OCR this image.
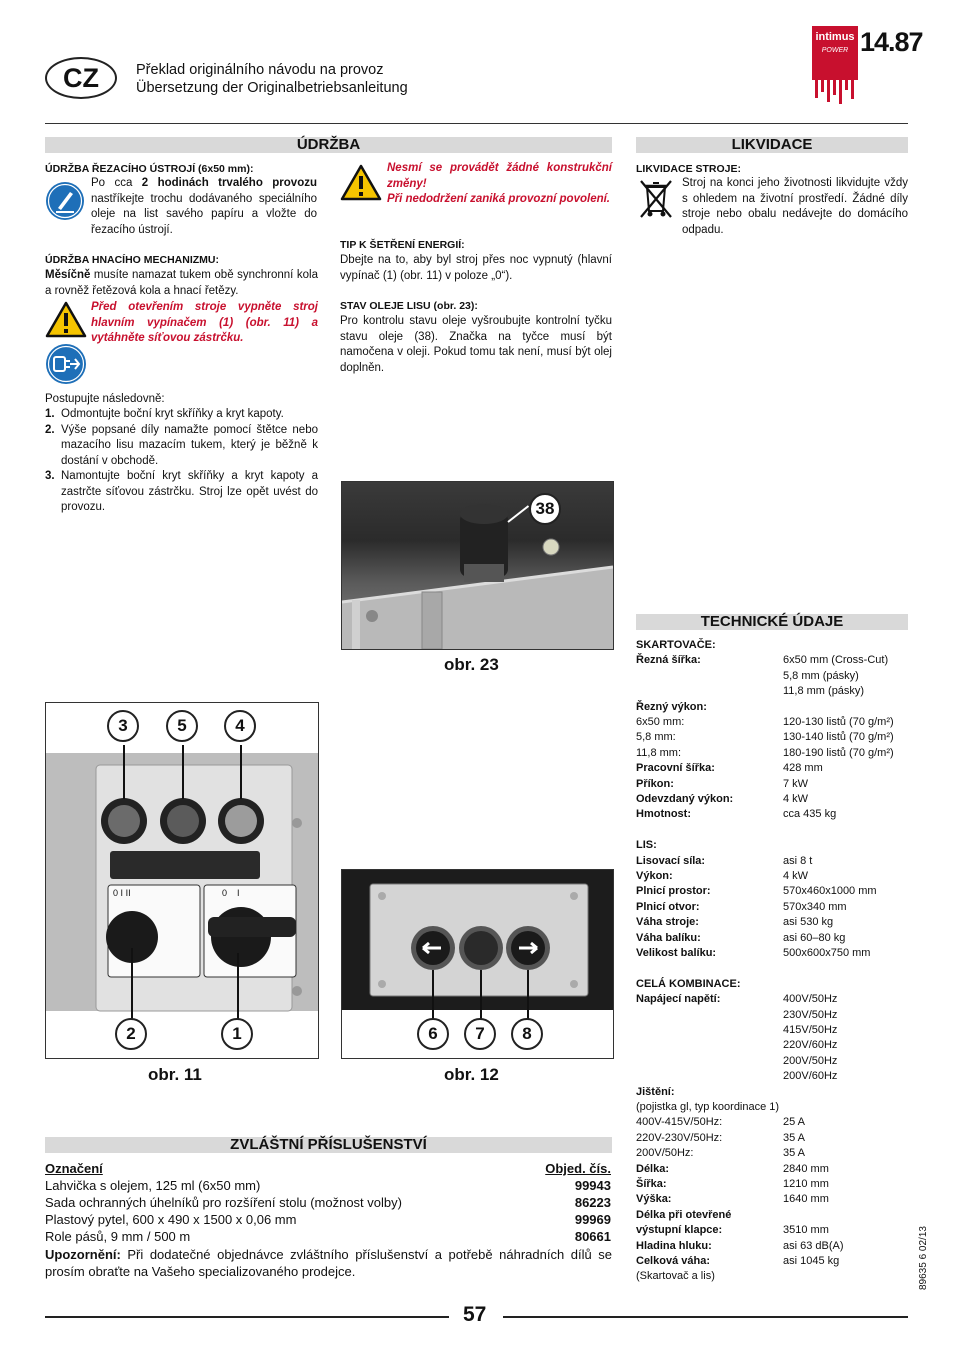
CZ	Překlad originálního návodu na provoz
Übersetzung der Originalbetriebsanleitung
intimus
POWER 14.87
ÚDRŽBA
ÚDRŽBA ŘEZACÍHO ÚSTROJÍ (6x50 mm):
Po cca 2 hodinách trvalého provozu nastříkejte trochu dodávaného speciálního oleje na list savého papíru a vložte do řezacího ústrojí.
ÚDRŽBA HNACÍHO MECHANIZMU:
Měsíčně musíte namazat tukem obě synchronní kola a rovněž řetězová kola a hnací řetězy.
Před otevřením stroje vypněte stroj hlavním vypínačem (1) (obr. 11) a vytáhněte síťovou zástrčku.
Postupujte následovně:
1. Odmontujte boční kryt skříňky a kryt kapoty.
2. Výše popsané díly namažte pomocí štětce nebo mazacího lisu mazacím tukem, který je běžně k dostání v obchodě.
3. Namontujte boční kryt skříňky a kryt kapoty a zastrčte síťovou zástrčku. Stroj lze opět uvést do provozu.
Nesmí se provádět žádné konstrukční změny!
Při nedodržení zaniká provozní povolení.
TIP K ŠETŘENÍ ENERGIÍ:
Dbejte na to, aby byl stroj přes noc vypnutý (hlavní vypínač (1) (obr. 11) v poloze „0“).
STAV OLEJE LISU (obr. 23):
Pro kontrolu stavu oleje vyšroubujte kontrolní tyčku stavu oleje (38). Značka na tyčce musí být namočena v oleji. Pokud tomu tak není, musí být olej doplněn.
LIKVIDACE
LIKVIDACE STROJE:
Stroj na konci jeho životnosti likvidujte vždy s ohledem na životní prostředí. Žádné díly stroje nebo obalu nedávejte do domácího odpadu.
38
obr. 23
0 I II	0 I
3	5	4
2	1
obr. 11
6	7	8
obr. 12
TECHNICKÉ ÚDAJE
SKARTOVAČE:
Řezná šířka:	6x50 mm (Cross-Cut)
5,8 mm (pásky)
11,8 mm (pásky)
Řezný výkon:
6x50 mm:	120-130 listů (70 g/m²)
5,8 mm:	130-140 listů (70 g/m²)
11,8 mm:	180-190 listů (70 g/m²)
Pracovní šířka:	428 mm
Příkon:	7 kW
Odevzdaný výkon:	4 kW
Hmotnost:	cca 435 kg
LIS:
Lisovací síla:	asi 8 t
Výkon:	4 kW
Plnicí prostor:	570x460x1000 mm
Plnicí otvor:	570x340 mm
Váha stroje:	asi 530 kg
Váha balíku:	asi 60–80 kg
Velikost balíku:	500x600x750 mm
CELÁ KOMBINACE:
Napájecí napětí:	400V/50Hz
230V/50Hz
415V/50Hz
220V/60Hz
200V/50Hz
200V/60Hz
Jištění:
(pojistka gl, typ koordinace 1)
400V-415V/50Hz:	25 A
220V-230V/50Hz:	35 A
200V/50Hz:	35 A
Délka:	2840 mm
Šířka:	1210 mm
Výška:	1640 mm
Délka při otevřené
výstupní klapce:	3510 mm
Hladina hluku:	asi 63 dB(A)
Celková váha:	asi 1045 kg
(Skartovač a lis)
ZVLÁŠTNÍ PŘÍSLUŠENSTVÍ
Označení	Objed. čís.
Lahvička s olejem, 125 ml (6x50 mm)	99943
Sada ochranných úhelníků pro rozšíření stolu (možnost volby)	86223
Plastový pytel, 600 x 490 x 1500 x 0,06 mm	99969
Role pásů, 9 mm / 500 m	80661
Upozornění: Při dodatečné objednávce zvláštního příslušenství a potřebě náhradních dílů se prosím obraťte na Vašeho specializovaného prodejce.
57
89635 6 02/13
